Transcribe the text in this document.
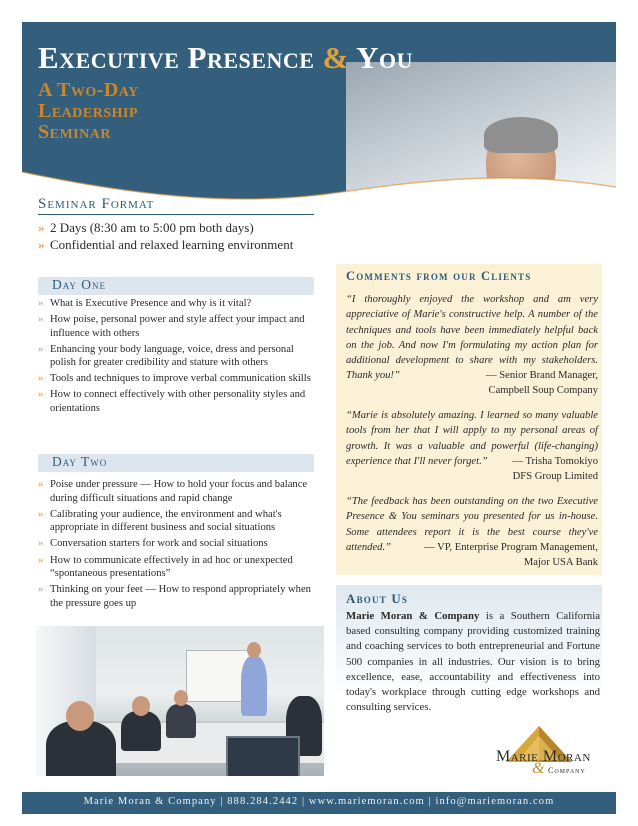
Executive Presence & You
A Two-Day
Leadership
Seminar
Seminar Format
» 2 Days (8:30 am to 5:00 pm both days)
» Confidential and relaxed learning environment
Day One
» What is Executive Presence and why is it vital?
» How poise, personal power and style affect your impact and influence with others
» Enhancing your body language, voice, dress and personal polish for greater credibility and stature with others
» Tools and techniques to improve verbal communication skills
» How to connect effectively with other personality styles and orientations
Day Two
» Poise under pressure — How to hold your focus and balance during difficult situations and rapid change
» Calibrating your audience, the environment and what's appropriate in different business and social situations
» Conversation starters for work and social situations
» How to communicate effectively in ad hoc or unexpected “spontaneous presentations”
» Thinking on your feet — How to respond appropriately when the pressure goes up
Comments from our Clients
“I thoroughly enjoyed the workshop and am very appreciative of Marie's constructive help. A number of the techniques and tools have been immediately helpful back on the job. And now I'm formulating my action plan for additional development to share with my stakeholders. Thank you!”	— Senior Brand Manager,
Campbell Soup Company
“Marie is absolutely amazing. I learned so many valuable tools from her that I will apply to my personal areas of growth. It was a valuable and powerful (life-changing) experience that I'll never forget.”	— Trisha Tomokiyo
DFS Group Limited
“The feedback has been outstanding on the two Executive Presence & You seminars you presented for us in-house. Some attendees report it is the best course they've attended.”	— VP, Enterprise Program Management,
Major USA Bank
About Us
Marie Moran & Company is a Southern California based consulting company providing customized training and coaching services to both entrepreneurial and Fortune 500 companies in all industries. Our vision is to bring excellence, ease, accountability and effectiveness into today's workplace through cutting edge workshops and consulting services.
Marie Moran
& Company
Marie Moran & Company | 888.284.2442 | www.mariemoran.com | info@mariemoran.com
